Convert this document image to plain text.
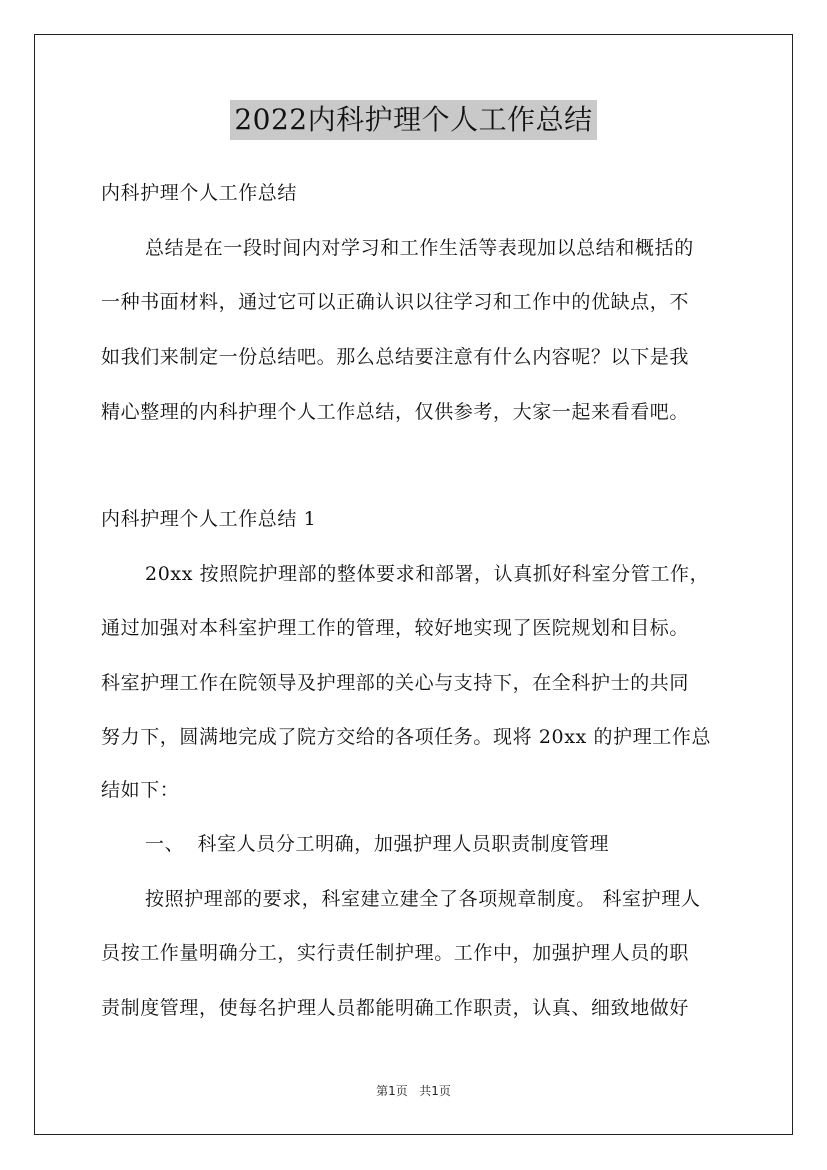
2022内科护理个人工作总结
内科护理个人工作总结
总结是在一段时间内对学习和工作生活等表现加以总结和概括的
一种书面材料，通过它可以正确认识以往学习和工作中的优缺点，不
如我们来制定一份总结吧。那么总结要注意有什么内容呢？以下是我
精心整理的内科护理个人工作总结，仅供参考，大家一起来看看吧。
内科护理个人工作总结 1
20xx 按照院护理部的整体要求和部署，认真抓好科室分管工作，
通过加强对本科室护理工作的管理，较好地实现了医院规划和目标。
科室护理工作在院领导及护理部的关心与支持下，在全科护士的共同
努力下，圆满地完成了院方交给的各项任务。现将 20xx 的护理工作总
结如下：
一、  科室人员分工明确，加强护理人员职责制度管理
按照护理部的要求，科室建立建全了各项规章制度。 科室护理人
员按工作量明确分工，实行责任制护理。工作中，加强护理人员的职
责制度管理，使每名护理人员都能明确工作职责，认真、细致地做好
第1页   共1页
